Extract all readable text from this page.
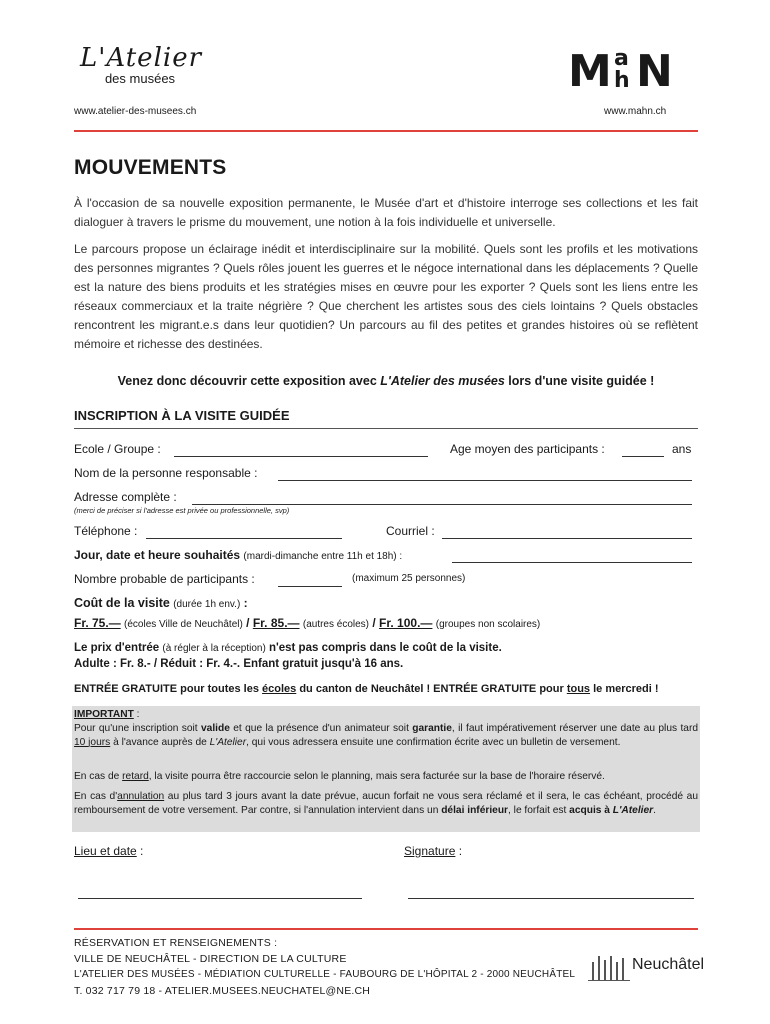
L'Atelier
des musées
www.atelier-des-musees.ch
M a
h N
www.mahn.ch
MOUVEMENTS
À l'occasion de sa nouvelle exposition permanente, le Musée d'art et d'histoire interroge ses collections et les fait dialoguer à travers le prisme du mouvement, une notion à la fois individuelle et universelle.
Le parcours propose un éclairage inédit et interdisciplinaire sur la mobilité. Quels sont les profils et les motivations des personnes migrantes ? Quels rôles jouent les guerres et le négoce international dans les déplacements ? Quelle est la nature des biens produits et les stratégies mises en œuvre pour les exporter ? Quels sont les liens entre les réseaux commerciaux et la traite négrière ? Que cherchent les artistes sous des ciels lointains ? Quels obstacles rencontrent les migrant.e.s dans leur quotidien? Un parcours au fil des petites et grandes histoires où se reflètent mémoire et richesse des destinées.
Venez donc découvrir cette exposition avec L'Atelier des musées lors d'une visite guidée !
INSCRIPTION À LA VISITE GUIDÉE
Ecole / Groupe :	Age moyen des participants :	ans
Nom de la personne responsable :
Adresse complète :
(merci de préciser si l'adresse est privée ou professionnelle, svp)
Téléphone :	Courriel :
Jour, date et heure souhaités (mardi-dimanche entre 11h et 18h) :
Nombre probable de participants :	(maximum 25 personnes)
Coût de la visite (durée 1h env.) :
Fr. 75.— (écoles Ville de Neuchâtel) / Fr. 85.— (autres écoles) / Fr. 100.— (groupes non scolaires)
Le prix d'entrée (à régler à la réception) n'est pas compris dans le coût de la visite.
Adulte : Fr. 8.- / Réduit : Fr. 4.-. Enfant gratuit jusqu'à 16 ans.
ENTRÉE GRATUITE pour toutes les écoles du canton de Neuchâtel ! ENTRÉE GRATUITE pour tous le mercredi !
IMPORTANT :
Pour qu'une inscription soit valide et que la présence d'un animateur soit garantie, il faut impérativement réserver une date au plus tard 10 jours à l'avance auprès de L'Atelier, qui vous adressera ensuite une confirmation écrite avec un bulletin de versement.
En cas de retard, la visite pourra être raccourcie selon le planning, mais sera facturée sur la base de l'horaire réservé.
En cas d'annulation au plus tard 3 jours avant la date prévue, aucun forfait ne vous sera réclamé et il sera, le cas échéant, procédé au remboursement de votre versement. Par contre, si l'annulation intervient dans un délai inférieur, le forfait est acquis à L'Atelier.
Lieu et date :	Signature :
RÉSERVATION ET RENSEIGNEMENTS :
VILLE DE NEUCHÂTEL - DIRECTION DE LA CULTURE
L'ATELIER DES MUSÉES - MÉDIATION CULTURELLE - FAUBOURG DE L'HÔPITAL 2 - 2000 NEUCHÂTEL
T. 032 717 79 18 - ATELIER.MUSEES.NEUCHATEL@NE.CH
Neuchâtel
